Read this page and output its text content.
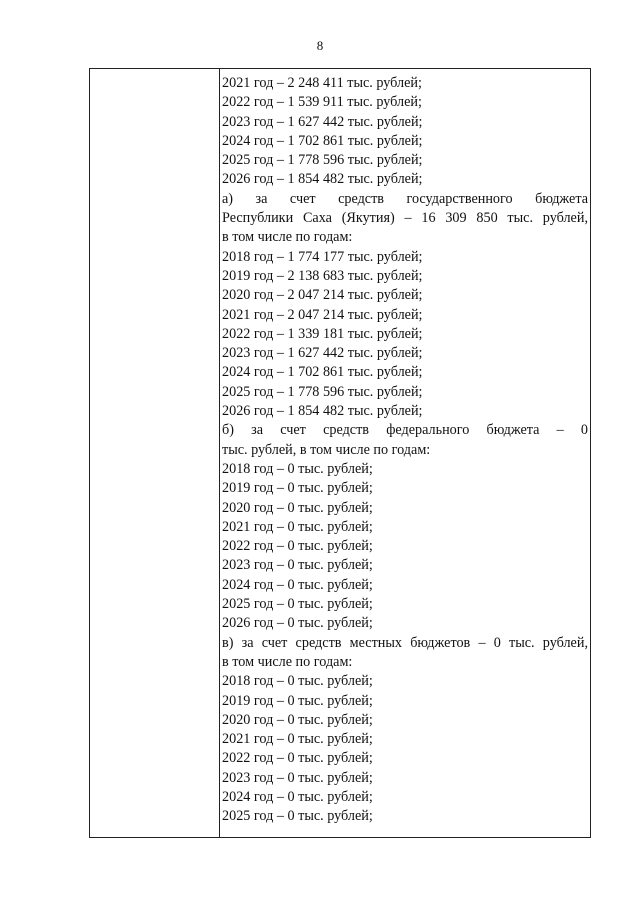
8
2021 год – 2 248 411 тыс. рублей;
2022 год – 1 539 911 тыс. рублей;
2023 год – 1 627 442 тыс. рублей;
2024 год – 1 702 861 тыс. рублей;
2025 год – 1 778 596 тыс. рублей;
2026 год – 1 854 482 тыс. рублей;
а) за счет средств государственного бюджета
Республики Саха (Якутия) – 16 309 850 тыс. рублей,
в том числе по годам:
2018 год – 1 774 177 тыс. рублей;
2019 год – 2 138 683 тыс. рублей;
2020 год – 2 047 214 тыс. рублей;
2021 год – 2 047 214 тыс. рублей;
2022 год – 1 339 181 тыс. рублей;
2023 год – 1 627 442 тыс. рублей;
2024 год – 1 702 861 тыс. рублей;
2025 год – 1 778 596 тыс. рублей;
2026 год – 1 854 482 тыс. рублей;
б) за счет средств федерального бюджета – 0
тыс. рублей, в том числе по годам:
2018 год – 0 тыс. рублей;
2019 год – 0 тыс. рублей;
2020 год – 0 тыс. рублей;
2021 год – 0 тыс. рублей;
2022 год – 0 тыс. рублей;
2023 год – 0 тыс. рублей;
2024 год – 0 тыс. рублей;
2025 год – 0 тыс. рублей;
2026 год – 0 тыс. рублей;
в) за счет средств местных бюджетов – 0 тыс. рублей,
в том числе по годам:
2018 год – 0 тыс. рублей;
2019 год – 0 тыс. рублей;
2020 год – 0 тыс. рублей;
2021 год – 0 тыс. рублей;
2022 год – 0 тыс. рублей;
2023 год – 0 тыс. рублей;
2024 год – 0 тыс. рублей;
2025 год – 0 тыс. рублей;
